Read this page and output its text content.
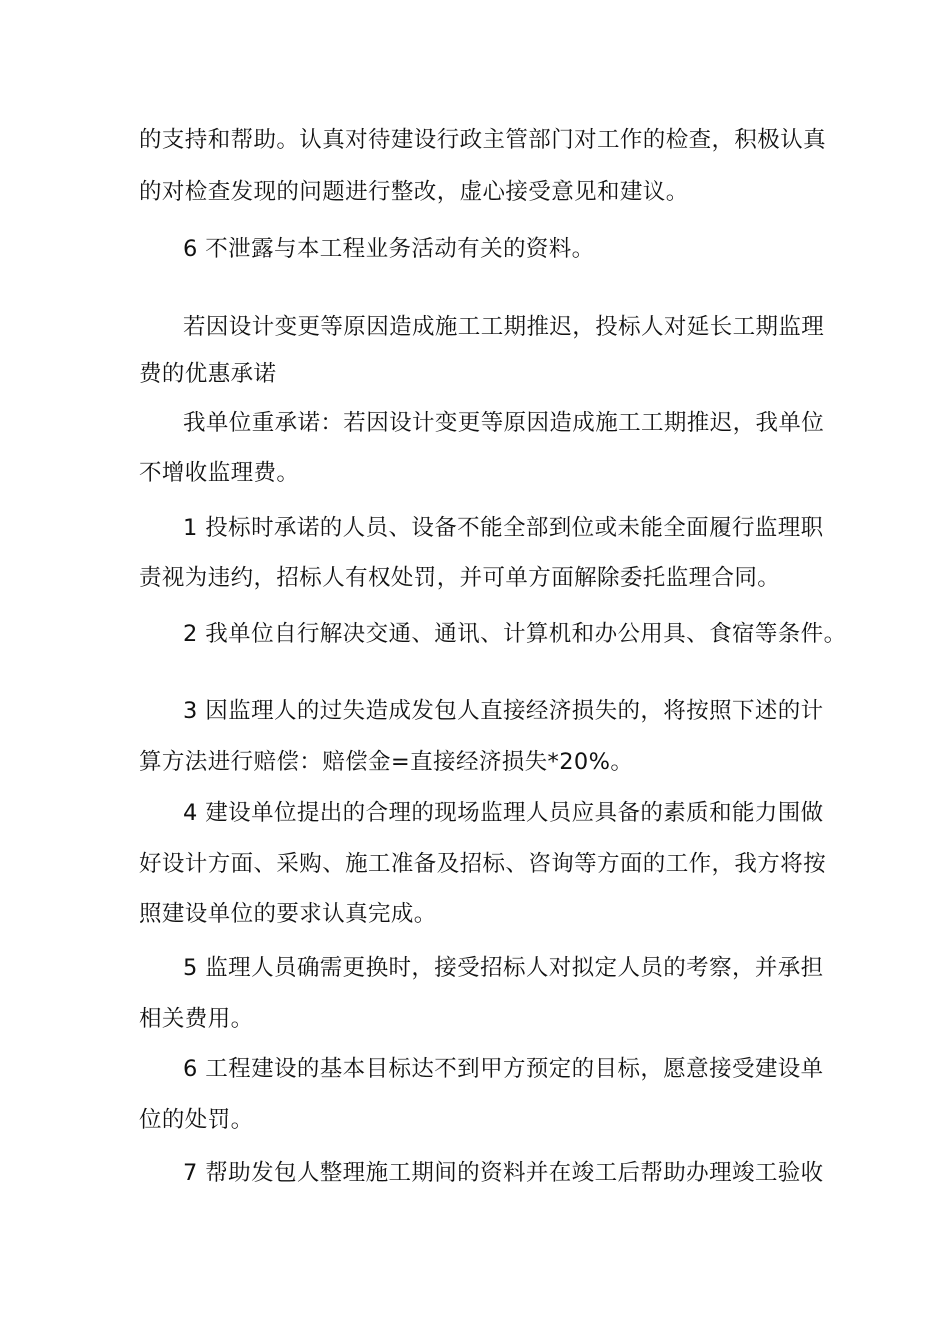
的支持和帮助。认真对待建设行政主管部门对工作的检查，积极认真
的对检查发现的问题进行整改，虚心接受意见和建议。
6 不泄露与本工程业务活动有关的资料。
若因设计变更等原因造成施工工期推迟，投标人对延长工期监理
费的优惠承诺
我单位重承诺：若因设计变更等原因造成施工工期推迟，我单位
不增收监理费。
1 投标时承诺的人员、设备不能全部到位或未能全面履行监理职
责视为违约，招标人有权处罚，并可单方面解除委托监理合同。
2 我单位自行解决交通、通讯、计算机和办公用具、食宿等条件。
3 因监理人的过失造成发包人直接经济损失的，将按照下述的计
算方法进行赔偿：赔偿金=直接经济损失*20%。
4 建设单位提出的合理的现场监理人员应具备的素质和能力围做
好设计方面、采购、施工准备及招标、咨询等方面的工作，我方将按
照建设单位的要求认真完成。
5 监理人员确需更换时，接受招标人对拟定人员的考察，并承担
相关费用。
6 工程建设的基本目标达不到甲方预定的目标，愿意接受建设单
位的处罚。
7 帮助发包人整理施工期间的资料并在竣工后帮助办理竣工验收
